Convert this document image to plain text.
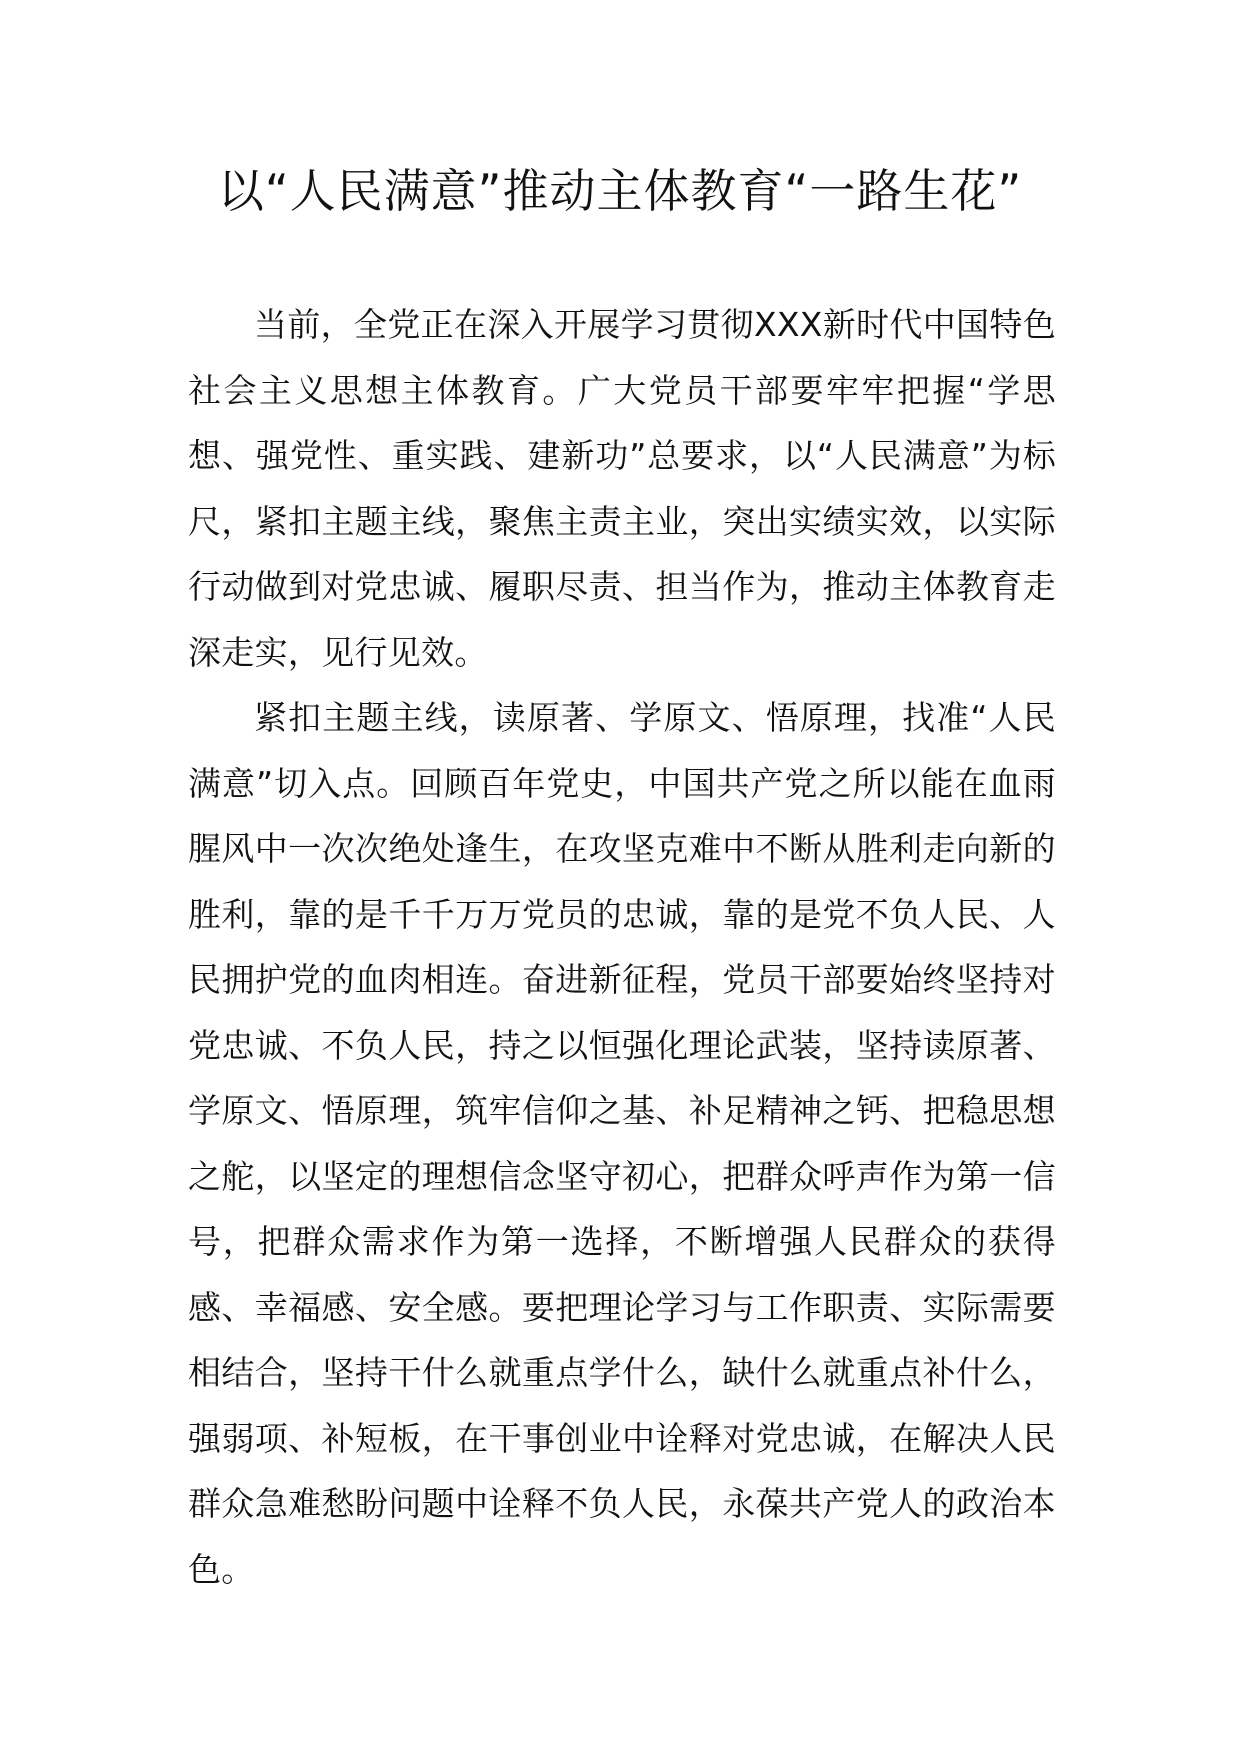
以“人民满意”推动主体教育“一路生花”

当前，全党正在深入开展学习贯彻XXX新时代中国特色社会主义思想主体教育。广大党员干部要牢牢把握“学思想、强党性、重实践、建新功”总要求，以“人民满意”为标尺，紧扣主题主线，聚焦主责主业，突出实绩实效，以实际行动做到对党忠诚、履职尽责、担当作为，推动主体教育走深走实，见行见效。

紧扣主题主线，读原著、学原文、悟原理，找准“人民满意”切入点。回顾百年党史，中国共产党之所以能在血雨腥风中一次次绝处逢生，在攻坚克难中不断从胜利走向新的胜利，靠的是千千万万党员的忠诚，靠的是党不负人民、人民拥护党的血肉相连。奋进新征程，党员干部要始终坚持对党忠诚、不负人民，持之以恒强化理论武装，坚持读原著、学原文、悟原理，筑牢信仰之基、补足精神之钙、把稳思想之舵，以坚定的理想信念坚守初心，把群众呼声作为第一信号，把群众需求作为第一选择，不断增强人民群众的获得感、幸福感、安全感。要把理论学习与工作职责、实际需要相结合，坚持干什么就重点学什么，缺什么就重点补什么，强弱项、补短板，在干事创业中诠释对党忠诚，在解决人民群众急难愁盼问题中诠释不负人民，永葆共产党人的政治本色。
